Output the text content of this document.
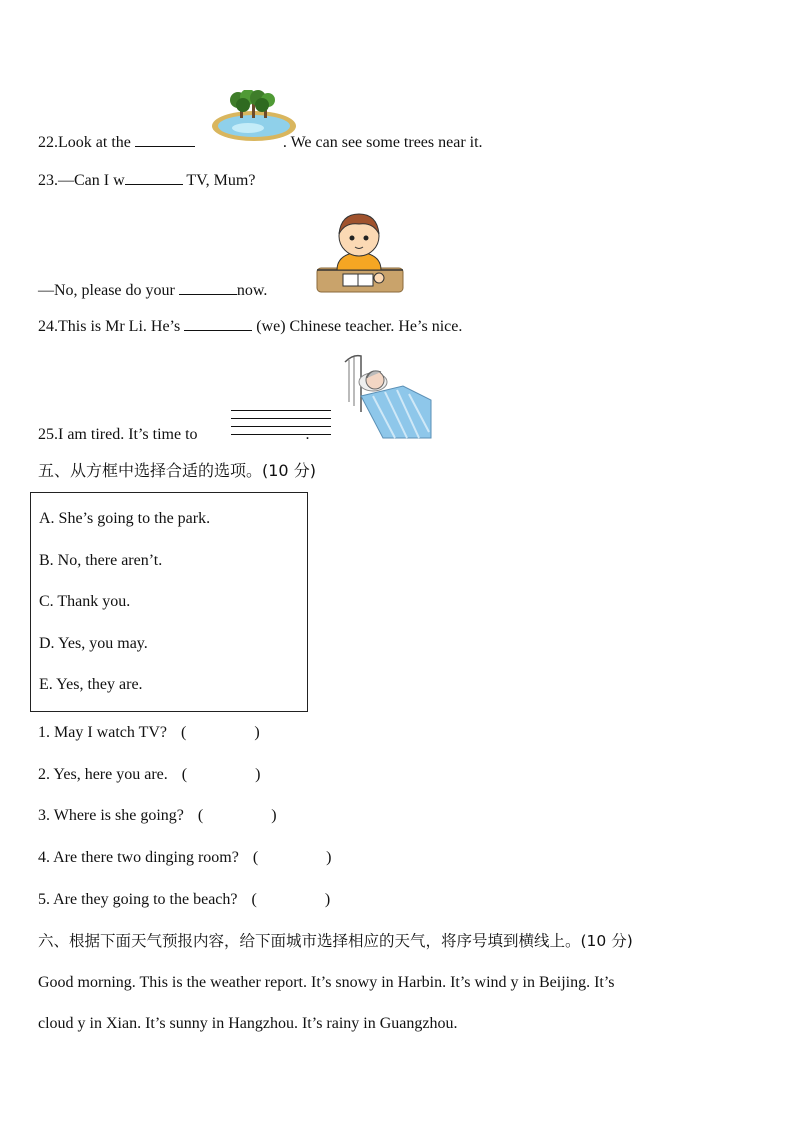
22.Look at the	. We can see some trees near it.
23.—Can I w	TV, Mum?
—No, please do your	now.
24.This is Mr Li. He’s	(we) Chinese teacher. He’s nice.
25.I am tired. It’s time to	.
五、从方框中选择合适的选项。(10 分)
A. She’s going to the park.
B. No, there aren’t.
C. Thank you.
D. Yes, you may.
E. Yes, they are.
1. May I watch TV? (	)
2. Yes, here you are. (	)
3. Where is she going? (	)
4. Are there two dinging room? (	)
5. Are they going to the beach? (	)
六、根据下面天气预报内容，给下面城市选择相应的天气，将序号填到横线上。(10 分)
Good morning. This is the weather report. It’s snowy in Harbin. It’s wind y in Beijing. It’s
cloud y in Xian. It’s sunny in Hangzhou. It’s rainy in Guangzhou.
